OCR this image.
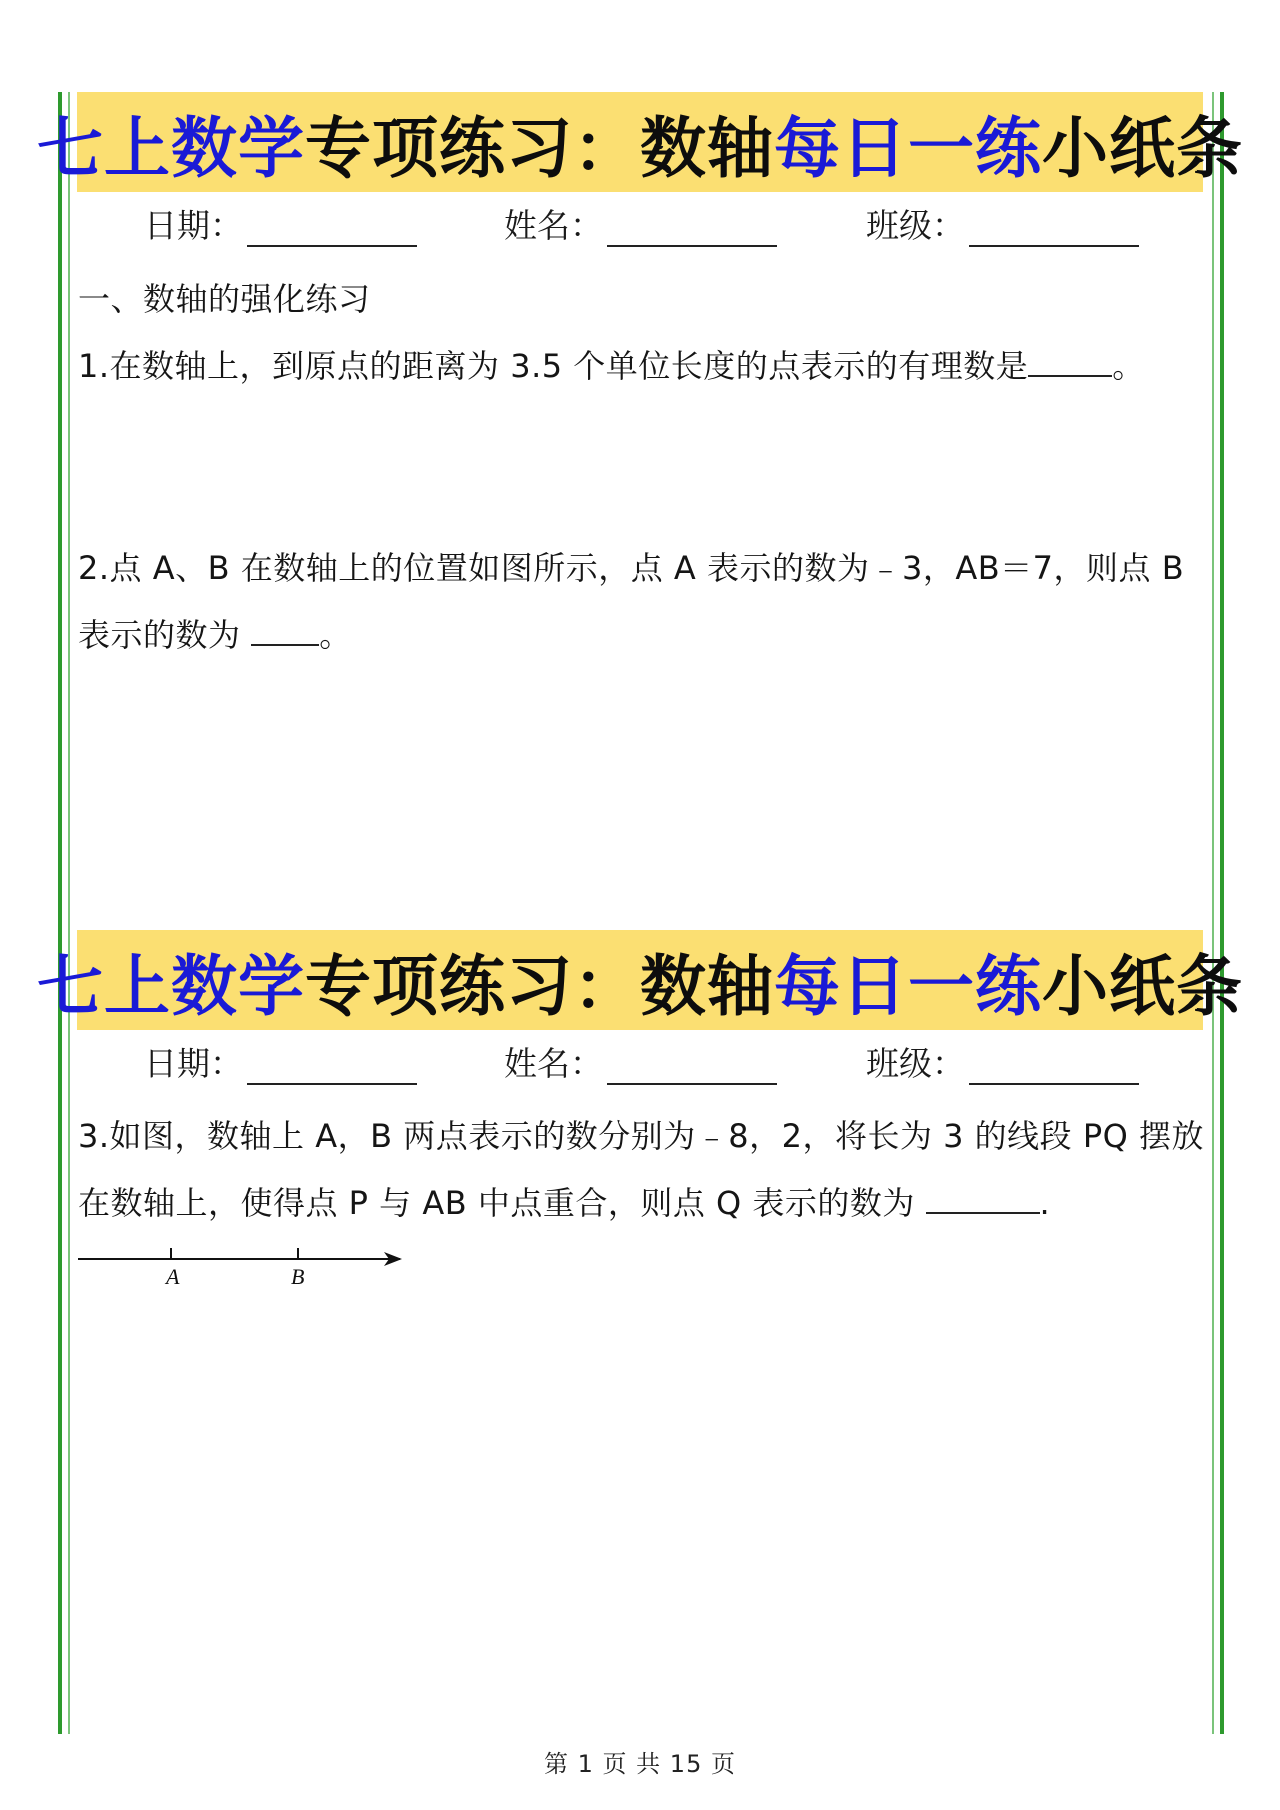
七上数学 专项练习：数轴 每日一练 小纸条
日期：	姓名：	班级：
一、数轴的强化练习
1.在数轴上，到原点的距离为 3.5 个单位长度的点表示的有理数是	。
2.点 A、B 在数轴上的位置如图所示，点 A 表示的数为﹣3，AB＝7，则点 B
表示的数为 。
七上数学 专项练习：数轴 每日一练 小纸条
日期：	姓名：	班级：
3.如图，数轴上 A，B 两点表示的数分别为﹣8，2，将长为 3 的线段 PQ 摆放
在数轴上，使得点 P 与 AB 中点重合，则点 Q 表示的数为	.
A	B
第 1 页 共 15 页
